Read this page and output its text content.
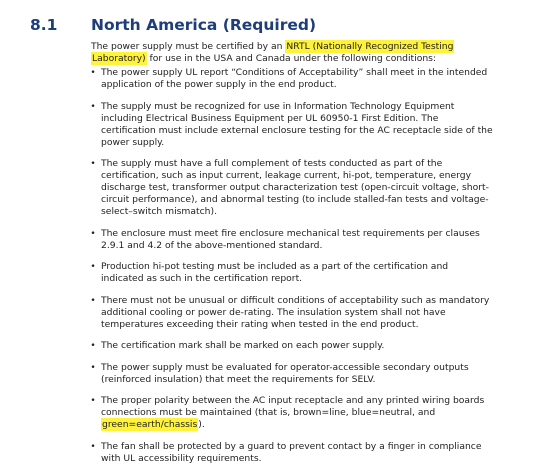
8.1 North America (Required)
The power supply must be certified by an NRTL (Nationally Recognized Testing
Laboratory) for use in the USA and Canada under the following conditions:
• The power supply UL report “Conditions of Acceptability” shall meet in the intended
application of the power supply in the end product.
• The supply must be recognized for use in Information Technology Equipment
including Electrical Business Equipment per UL 60950-1 First Edition. The
certification must include external enclosure testing for the AC receptacle side of the
power supply.
• The supply must have a full complement of tests conducted as part of the
certification, such as input current, leakage current, hi-pot, temperature, energy
discharge test, transformer output characterization test (open-circuit voltage, short-
circuit performance), and abnormal testing (to include stalled-fan tests and voltage-
select–switch mismatch).
• The enclosure must meet fire enclosure mechanical test requirements per clauses
2.9.1 and 4.2 of the above-mentioned standard.
• Production hi-pot testing must be included as a part of the certification and
indicated as such in the certification report.
• There must not be unusual or difficult conditions of acceptability such as mandatory
additional cooling or power de-rating. The insulation system shall not have
temperatures exceeding their rating when tested in the end product.
• The certification mark shall be marked on each power supply.
• The power supply must be evaluated for operator-accessible secondary outputs
(reinforced insulation) that meet the requirements for SELV.
• The proper polarity between the AC input receptacle and any printed wiring boards
connections must be maintained (that is, brown=line, blue=neutral, and
green=earth/chassis).
• The fan shall be protected by a guard to prevent contact by a finger in compliance
with UL accessibility requirements.
